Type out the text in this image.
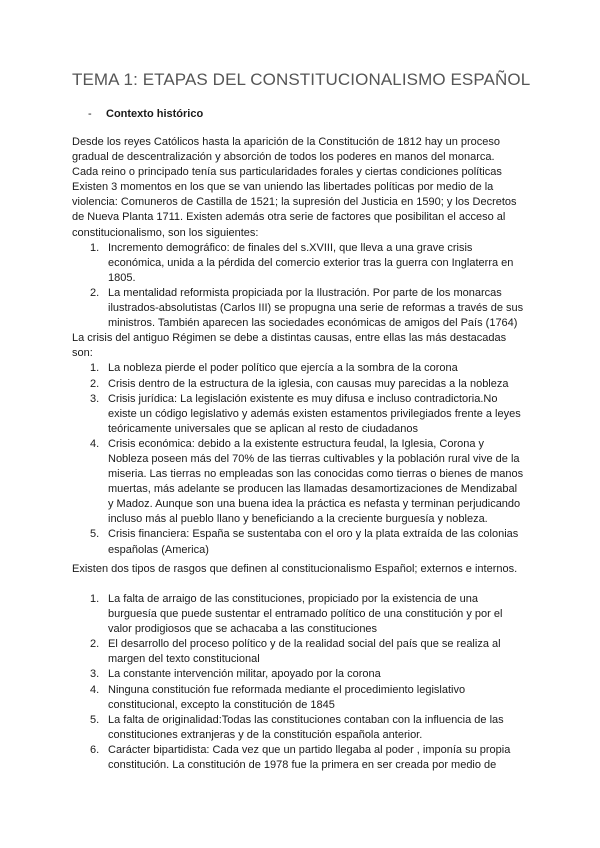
TEMA 1: ETAPAS DEL CONSTITUCIONALISMO ESPAÑOL
-	Contexto histórico
Desde los reyes Católicos hasta la aparición de la Constitución de 1812 hay un proceso
gradual de descentralización y absorción de todos los poderes en manos del monarca.
Cada reino o principado tenía sus particularidades forales y ciertas condiciones políticas
Existen 3 momentos en los que se van uniendo las libertades políticas por medio de la
violencia: Comuneros de Castilla de 1521; la supresión del Justicia en 1590; y los Decretos
de Nueva Planta 1711. Existen además otra serie de factores que posibilitan el acceso al
constitucionalismo, son los siguientes:
1. Incremento demográfico: de finales del s.XVIII, que lleva a una grave crisis
económica, unida a la pérdida del comercio exterior tras la guerra con Inglaterra en
1805.
2. La mentalidad reformista propiciada por la Ilustración. Por parte de los monarcas
ilustrados-absolutistas (Carlos III) se propugna una serie de reformas a través de sus
ministros. También aparecen las sociedades económicas de amigos del País (1764)
La crisis del antiguo Régimen se debe a distintas causas, entre ellas las más destacadas
son:
1. La nobleza pierde el poder político que ejercía a la sombra de la corona
2. Crisis dentro de la estructura de la iglesia, con causas muy parecidas a la nobleza
3. Crisis jurídica: La legislación existente es muy difusa e incluso contradictoria.No
existe un código legislativo y además existen estamentos privilegiados frente a leyes
teóricamente universales que se aplican al resto de ciudadanos
4. Crisis económica: debido a la existente estructura feudal, la Iglesia, Corona y
Nobleza poseen más del 70% de las tierras cultivables y la población rural vive de la
miseria. Las tierras no empleadas son las conocidas como tierras o bienes de manos
muertas, más adelante se producen las llamadas desamortizaciones de Mendizabal
y Madoz. Aunque son una buena idea la práctica es nefasta y terminan perjudicando
incluso más al pueblo llano y beneficiando a la creciente burguesía y nobleza.
5. Crisis financiera: España se sustentaba con el oro y la plata extraída de las colonias
españolas (America)

Existen dos tipos de rasgos que definen al constitucionalismo Español; externos e internos.

1. La falta de arraigo de las constituciones, propiciado por la existencia de una
burguesía que puede sustentar el entramado político de una constitución y por el
valor prodigiosos que se achacaba a las constituciones
2. El desarrollo del proceso político y de la realidad social del país que se realiza al
margen del texto constitucional
3. La constante intervención militar, apoyado por la corona
4. Ninguna constitución fue reformada mediante el procedimiento legislativo
constitucional, excepto la constitución de 1845
5. La falta de originalidad:Todas las constituciones contaban con la influencia de las
constituciones extranjeras y de la constitución española anterior.
6. Carácter bipartidista: Cada vez que un partido llegaba al poder , imponía su propia
constitución. La constitución de 1978 fue la primera en ser creada por medio de
